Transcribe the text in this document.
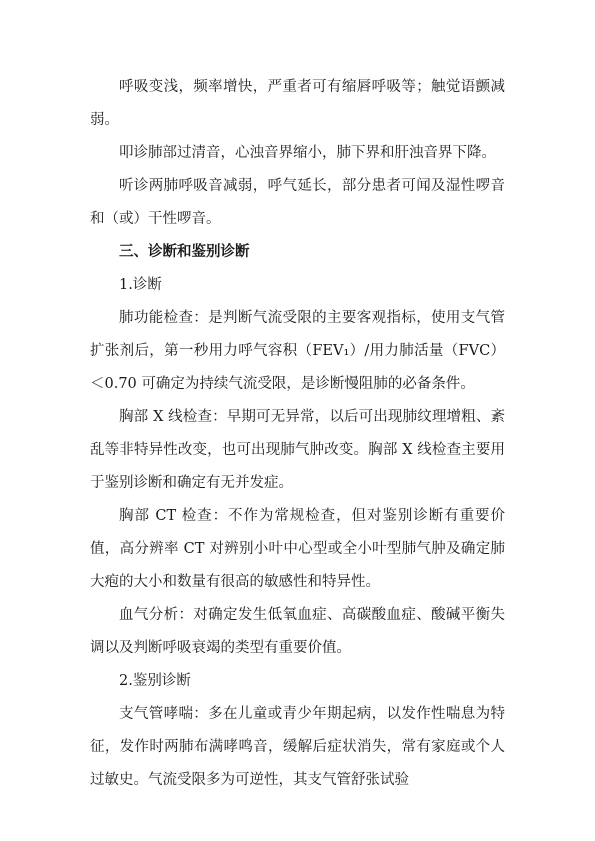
呼吸变浅，频率增快，严重者可有缩唇呼吸等；触觉语颤减弱。

叩诊肺部过清音，心浊音界缩小，肺下界和肝浊音界下降。

听诊两肺呼吸音减弱，呼气延长，部分患者可闻及湿性啰音和（或）干性啰音。

三、诊断和鉴别诊断

1.诊断

肺功能检查：是判断气流受限的主要客观指标，使用支气管扩张剂后，第一秒用力呼气容积（FEV₁）/用力肺活量（FVC）＜0.70 可确定为持续气流受限，是诊断慢阻肺的必备条件。

胸部 X 线检查：早期可无异常，以后可出现肺纹理增粗、紊乱等非特异性改变，也可出现肺气肿改变。胸部 X 线检查主要用于鉴别诊断和确定有无并发症。

胸部 CT 检查：不作为常规检查，但对鉴别诊断有重要价值，高分辨率 CT 对辨别小叶中心型或全小叶型肺气肿及确定肺大疱的大小和数量有很高的敏感性和特异性。

血气分析：对确定发生低氧血症、高碳酸血症、酸碱平衡失调以及判断呼吸衰竭的类型有重要价值。

2.鉴别诊断

支气管哮喘：多在儿童或青少年期起病，以发作性喘息为特征，发作时两肺布满哮鸣音，缓解后症状消失，常有家庭或个人过敏史。气流受限多为可逆性，其支气管舒张试验
